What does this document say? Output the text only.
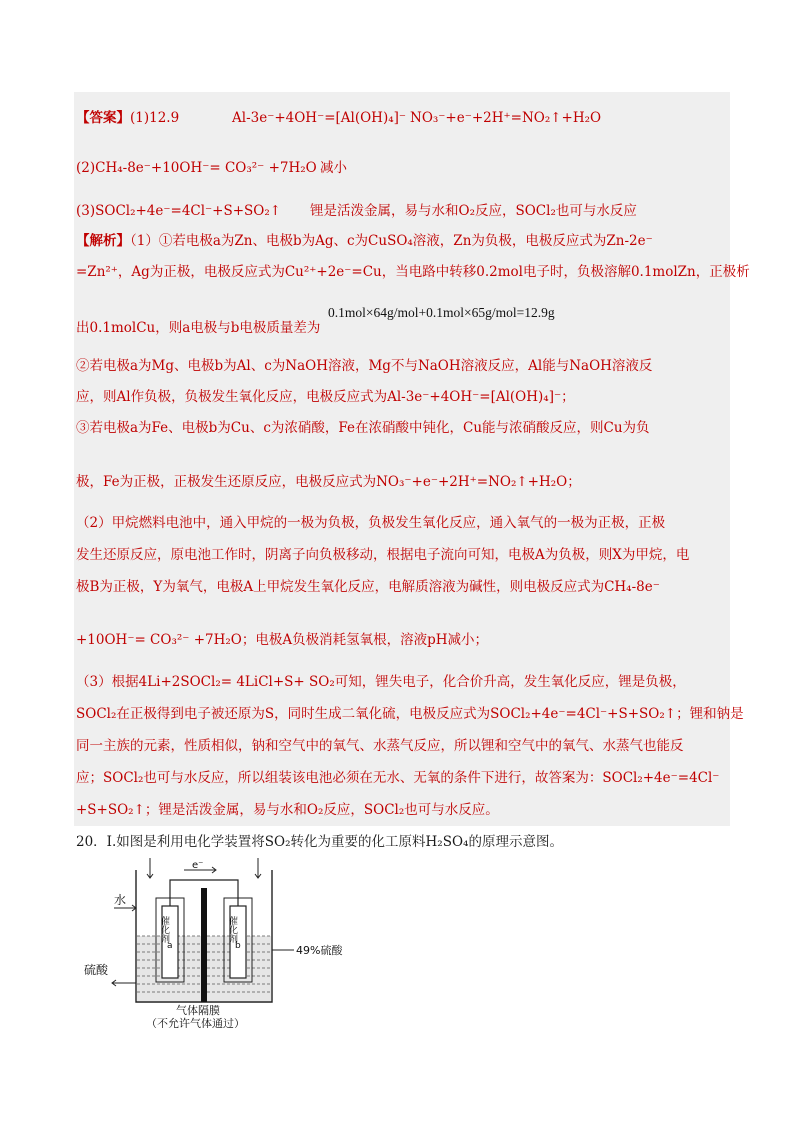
【答案】(1)12.9	Al-3e⁻+4OH⁻=[Al(OH)₄]⁻ NO₃⁻+e⁻+2H⁺=NO₂↑+H₂O
(2)CH₄-8e⁻+10OH⁻= CO₃²⁻ +7H₂O 减小
(3)SOCl₂+4e⁻=4Cl⁻+S+SO₂↑ 锂是活泼金属，易与水和O₂反应，SOCl₂也可与水反应
【解析】（1）①若电极a为Zn、电极b为Ag、c为CuSO₄溶液，Zn为负极，电极反应式为Zn-2e⁻
=Zn²⁺，Ag为正极，电极反应式为Cu²⁺+2e⁻=Cu，当电路中转移0.2mol电子时，负极溶解0.1molZn，正极析
出0.1molCu，则a电极与b电极质量差为
0.1mol×64g/mol+0.1mol×65g/mol=12.9g
②若电极a为Mg、电极b为Al、c为NaOH溶液，Mg不与NaOH溶液反应，Al能与NaOH溶液反
应，则Al作负极，负极发生氧化反应，电极反应式为Al-3e⁻+4OH⁻=[Al(OH)₄]⁻；
③若电极a为Fe、电极b为Cu、c为浓硝酸，Fe在浓硝酸中钝化，Cu能与浓硝酸反应，则Cu为负
极，Fe为正极，正极发生还原反应，电极反应式为NO₃⁻+e⁻+2H⁺=NO₂↑+H₂O；
（2）甲烷燃料电池中，通入甲烷的一极为负极，负极发生氧化反应，通入氧气的一极为正极，正极
发生还原反应，原电池工作时，阴离子向负极移动，根据电子流向可知，电极A为负极，则X为甲烷，电
极B为正极，Y为氧气，电极A上甲烷发生氧化反应，电解质溶液为碱性，则电极反应式为CH₄-8e⁻
+10OH⁻= CO₃²⁻ +7H₂O；电极A负极消耗氢氧根，溶液pH减小；
（3）根据4Li+2SOCl₂= 4LiCl+S+ SO₂可知，锂失电子，化合价升高，发生氧化反应，锂是负极，
SOCl₂在正极得到电子被还原为S，同时生成二氧化硫，电极反应式为SOCl₂+4e⁻=4Cl⁻+S+SO₂↑；锂和钠是
同一主族的元素，性质相似，钠和空气中的氧气、水蒸气反应，所以锂和空气中的氧气、水蒸气也能反
应；SOCl₂也可与水反应，所以组装该电池必须在无水、无氧的条件下进行，故答案为：SOCl₂+4e⁻=4Cl⁻
+S+SO₂↑；锂是活泼金属，易与水和O₂反应，SOCl₂也可与水反应。
20．I.如图是利用电化学装置将SO₂转化为重要的化工原料H₂SO₄的原理示意图。
e⁻
水
催化剂	催化剂
a	b	49%硫酸
硫酸
气体隔膜
（不允许气体通过）
